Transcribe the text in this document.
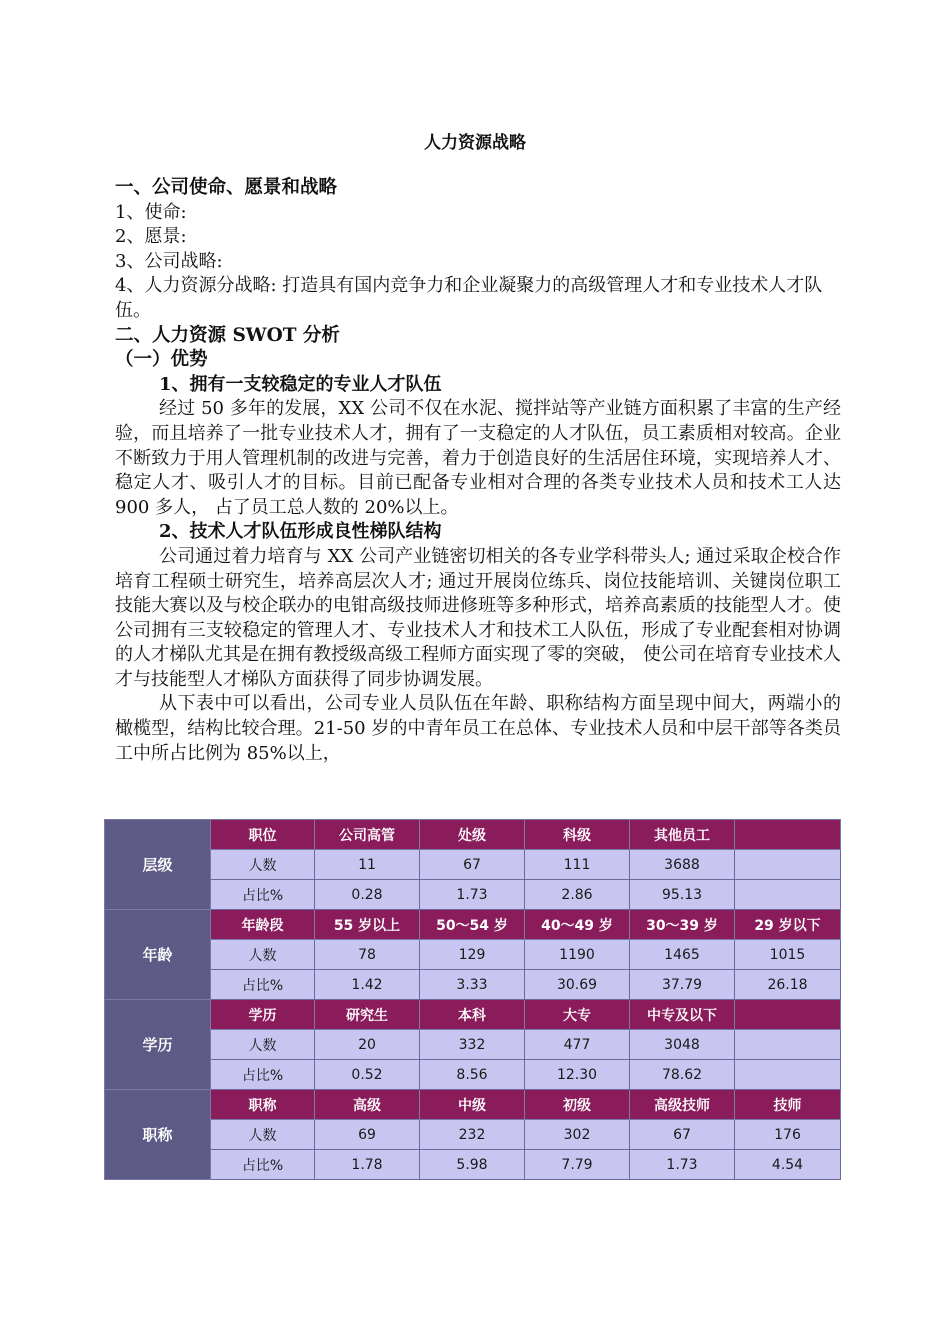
人力资源战略

一、公司使命、愿景和战略

1、使命:

2、愿景:

3、公司战略:

4、人力资源分战略: 打造具有国内竞争力和企业凝聚力的高级管理人才和专业技术人才队伍。

二、人力资源 SWOT 分析

（一）优势

1、拥有一支较稳定的专业人才队伍

经过 50 多年的发展，XX 公司不仅在水泥、搅拌站等产业链方面积累了丰富的生产经验，而且培养了一批专业技术人才，拥有了一支稳定的人才队伍，员工素质相对较高。企业不断致力于用人管理机制的改进与完善，着力于创造良好的生活居住环境，实现培养人才、稳定人才、吸引人才的目标。目前已配备专业相对合理的各类专业技术人员和技术工人达 900 多人， 占了员工总人数的 20%以上。

2、技术人才队伍形成良性梯队结构

公司通过着力培育与 XX 公司产业链密切相关的各专业学科带头人; 通过采取企校合作培育工程硕士研究生，培养高层次人才; 通过开展岗位练兵、岗位技能培训、关键岗位职工技能大赛以及与校企联办的电钳高级技师进修班等多种形式，培养高素质的技能型人才。使公司拥有三支较稳定的管理人才、专业技术人才和技术工人队伍，形成了专业配套相对协调的人才梯队尤其是在拥有教授级高级工程师方面实现了零的突破， 使公司在培育专业技术人才与技能型人才梯队方面获得了同步协调发展。

从下表中可以看出，公司专业人员队伍在年龄、职称结构方面呈现中间大，两端小的橄榄型，结构比较合理。21-50 岁的中青年员工在总体、专业技术人员和中层干部等各类员工中所占比例为 85%以上，

层级	职位	公司高管	处级	科级	其他员工	
	人数	11	67	111	3688	
	占比%	0.28	1.73	2.86	95.13	
年龄	年龄段	55 岁以上	50～54 岁	40～49 岁	30～39 岁	29 岁以下
	人数	78	129	1190	1465	1015
	占比%	1.42	3.33	30.69	37.79	26.18
学历	学历	研究生	本科	大专	中专及以下	
	人数	20	332	477	3048	
	占比%	0.52	8.56	12.30	78.62	
职称	职称	高级	中级	初级	高级技师	技师
	人数	69	232	302	67	176
	占比%	1.78	5.98	7.79	1.73	4.54
